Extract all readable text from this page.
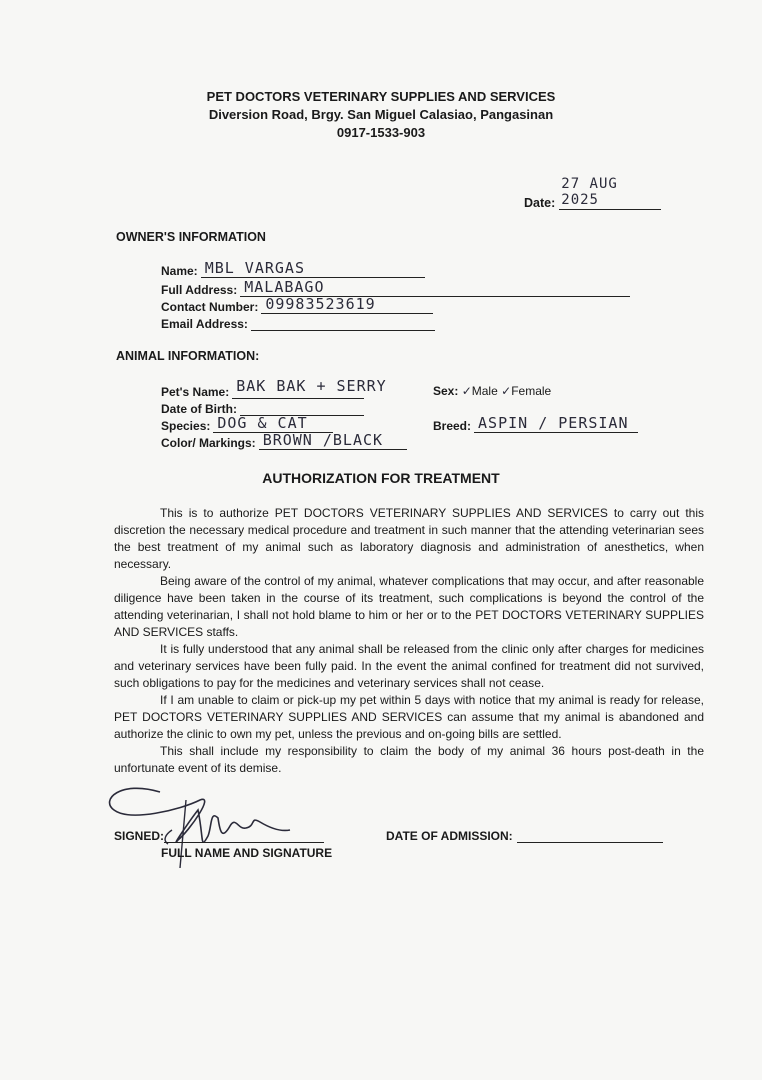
PET DOCTORS VETERINARY SUPPLIES AND SERVICES
Diversion Road, Brgy. San Miguel Calasiao, Pangasinan
0917-1533-903
Date:
27 AUG 2025
OWNER'S INFORMATION
Name: MBL VARGAS
Full Address: MALABAGO
Contact Number: 09983523619
Email Address:
ANIMAL INFORMATION:
Pet's Name: BAK BAK + SERRY	Sex: ✓Male ✓Female
Date of Birth:
Species: DOG & CAT	Breed: ASPIN / PERSIAN
Color/ Markings: BROWN /BLACK
AUTHORIZATION FOR TREATMENT

This is to authorize PET DOCTORS VETERINARY SUPPLIES AND SERVICES to carry out this discretion the necessary medical procedure and treatment in such manner that the attending veterinarian sees the best treatment of my animal such as laboratory diagnosis and administration of anesthetics, when necessary.

Being aware of the control of my animal, whatever complications that may occur, and after reasonable diligence have been taken in the course of its treatment, such complications is beyond the control of the attending veterinarian, I shall not hold blame to him or her or to the PET DOCTORS VETERINARY SUPPLIES AND SERVICES staffs.

It is fully understood that any animal shall be released from the clinic only after charges for medicines and veterinary services have been fully paid. In the event the animal confined for treatment did not survived, such obligations to pay for the medicines and veterinary services shall not cease.

If I am unable to claim or pick-up my pet within 5 days with notice that my animal is ready for release, PET DOCTORS VETERINARY SUPPLIES AND SERVICES can assume that my animal is abandoned and authorize the clinic to own my pet, unless the previous and on-going bills are settled.

This shall include my responsibility to claim the body of my animal 36 hours post-death in the unfortunate event of its demise.

SIGNED:
FULL NAME AND SIGNATURE
DATE OF ADMISSION:
